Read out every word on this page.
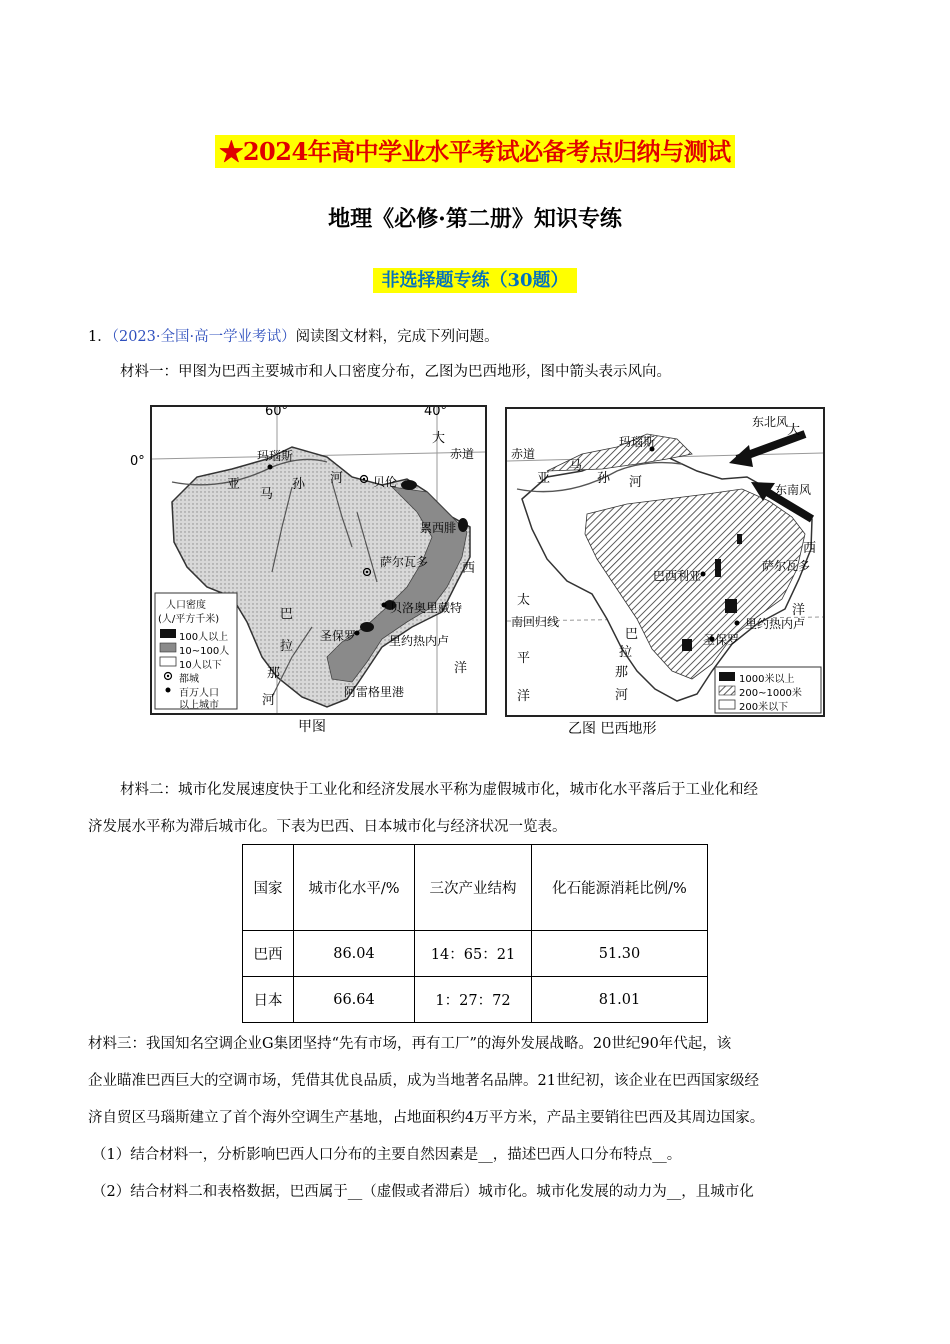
★2024年高中学业水平考试必备考点归纳与测试
地理《必修·第二册》知识专练
非选择题专练（30题）
1．（2023·全国·高一学业考试）阅读图文材料，完成下列问题。
材料一：甲图为巴西主要城市和人口密度分布，乙图为巴西地形，图中箭头表示风向。
60°	40°
大
赤道
玛瑙斯
亚
马
孙 河 贝伦
累西腓
萨尔瓦多	西
巴
拉
那
河
贝洛奥里藏特
圣保罗	里约热内卢
阿雷格里港
洋
人口密度
(人/平方千米)
100人以上
10~100人
10人以下
都城
百万人口
以上城市
0°
甲图
赤道
亚
马
孙
玛瑙斯
河
东北风
东南风
大
西
萨尔瓦多
巴西利亚
洋
里约热内卢
圣保罗
太
南回归线
平
洋
巴
拉
那
河
1000米以上
200~1000米
200米以下
乙图 巴西地形
材料二：城市化发展速度快于工业化和经济发展水平称为虚假城市化，城市化水平落后于工业化和经
济发展水平称为滞后城市化。下表为巴西、日本城市化与经济状况一览表。
国家	城市化水平/%	三次产业结构	化石能源消耗比例/%
巴西	86.04	14：65：21	51.30
日本	66.64	1：27：72	81.01
材料三：我国知名空调企业G集团坚持“先有市场，再有工厂”的海外发展战略。20世纪90年代起，该
企业瞄准巴西巨大的空调市场，凭借其优良品质，成为当地著名品牌。21世纪初，该企业在巴西国家级经
济自贸区马瑙斯建立了首个海外空调生产基地，占地面积约4万平方米，产品主要销往巴西及其周边国家。
（1）结合材料一，分析影响巴西人口分布的主要自然因素是__，描述巴西人口分布特点__。
（2）结合材料二和表格数据，巴西属于__（虚假或者滞后）城市化。城市化发展的动力为__，且城市化
